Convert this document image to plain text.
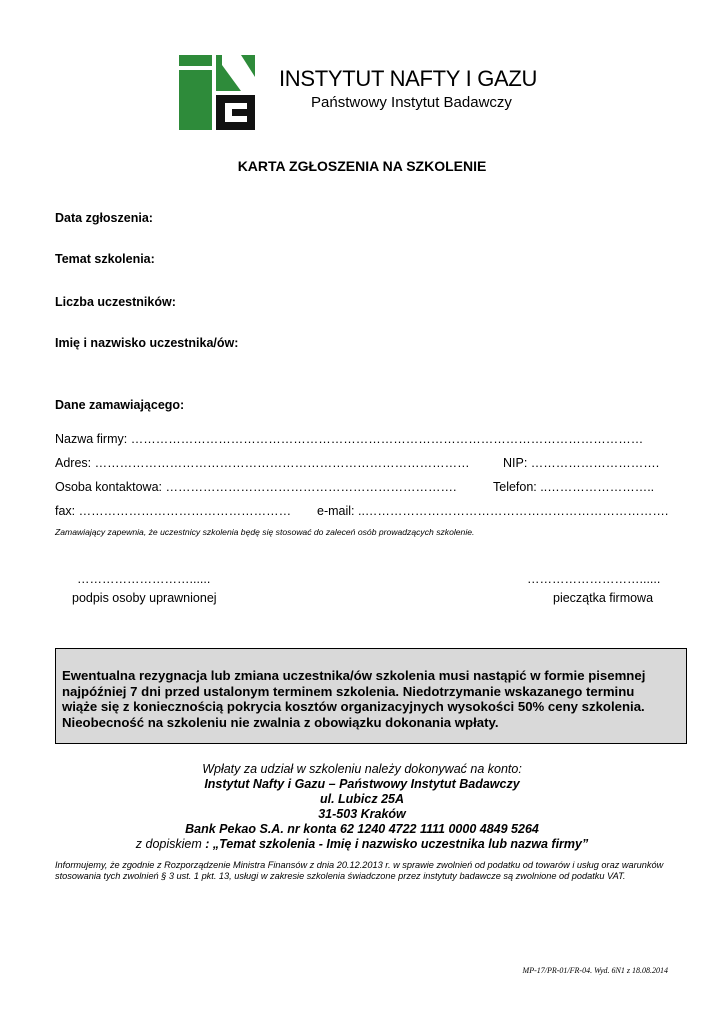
INSTYTUT NAFTY I GAZU
Państwowy Instytut Badawczy
KARTA ZGŁOSZENIA NA SZKOLENIE
Data zgłoszenia:
Temat szkolenia:
Liczba uczestników:
Imię i nazwisko uczestnika/ów:
Dane zamawiającego:
Nazwa firmy: ……………………………………………………………………………………………………………
Adres: ………………………………………………………………………………	NIP: ………………………….
Osoba kontaktowa: …………………………………………………………….	Telefon: ..……………………..
fax: …………………………………………… e-mail: ..……………………………………………………………….
Zamawiający zapewnia, że uczestnicy szkolenia będę się stosować do zaleceń osób prowadzących szkolenie.
………………………......
podpis osoby uprawnionej
………………………......
pieczątka firmowa
Ewentualna rezygnacja lub zmiana uczestnika/ów szkolenia musi nastąpić w formie pisemnej
najpóźniej 7 dni przed ustalonym terminem szkolenia. Niedotrzymanie wskazanego terminu
wiąże się z koniecznością pokrycia kosztów organizacyjnych wysokości 50% ceny szkolenia.
Nieobecność na szkoleniu nie zwalnia z obowiązku dokonania wpłaty.
Wpłaty za udział w szkoleniu należy dokonywać na konto:
Instytut Nafty i Gazu – Państwowy Instytut Badawczy
ul. Lubicz 25A
31-503 Kraków
Bank Pekao S.A. nr konta 62 1240 4722 1111 0000 4849 5264
z dopiskiem : „Temat szkolenia - Imię i nazwisko uczestnika lub nazwa firmy”
Informujemy, że zgodnie z Rozporządzenie Ministra Finansów z dnia 20.12.2013 r. w sprawie zwolnień od podatku od towarów i usług oraz warunków stosowania tych zwolnień § 3 ust. 1 pkt. 13, usługi w zakresie szkolenia świadczone przez instytuty badawcze są zwolnione od podatku VAT.
MP-17/PR-01/FR-04. Wyd. 6N1 z 18.08.2014
